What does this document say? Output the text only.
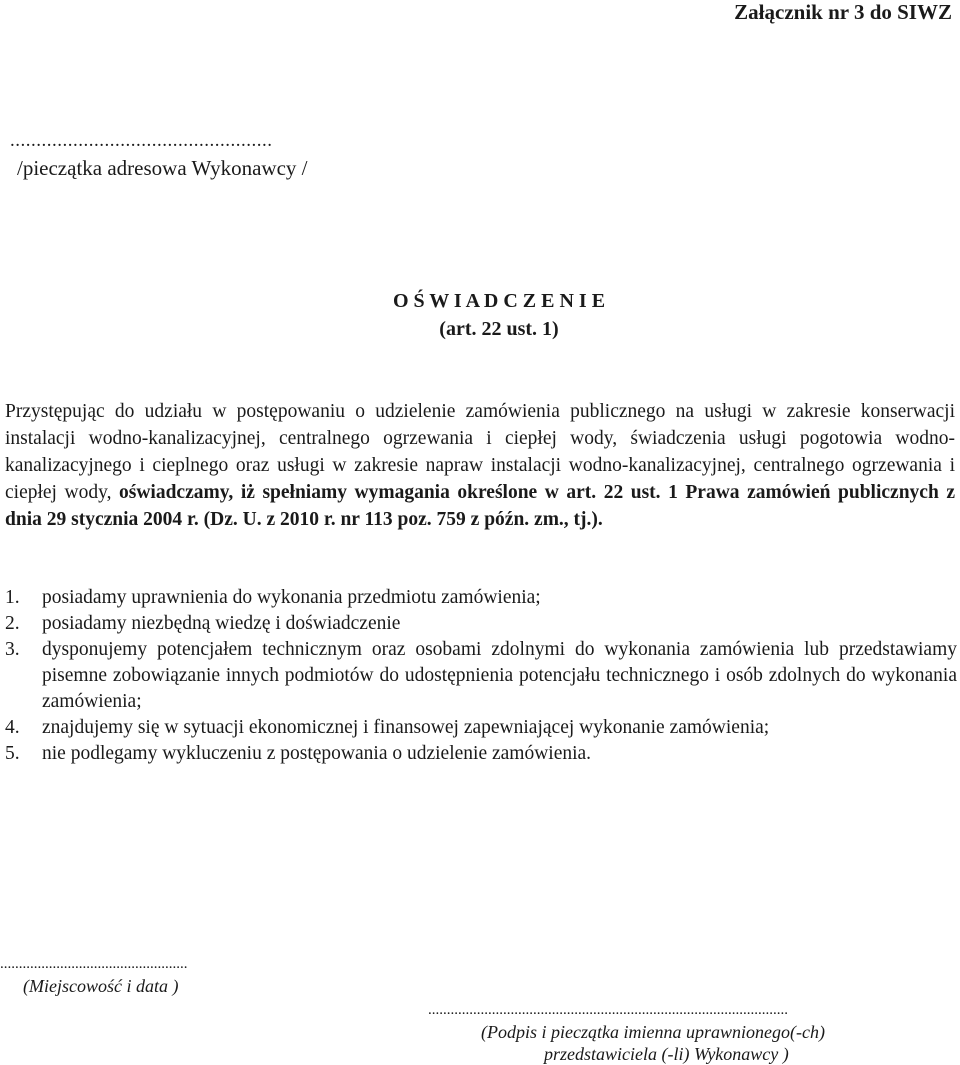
Załącznik nr 3 do SIWZ
..................................................
/pieczątka adresowa Wykonawcy /
O Ś W I A D C Z E N I E
(art. 22 ust. 1)
Przystępując do udziału w postępowaniu o udzielenie zamówienia publicznego na usługi w zakresie konserwacji instalacji wodno-kanalizacyjnej, centralnego ogrzewania i ciepłej wody, świadczenia usługi pogotowia wodno-kanalizacyjnego i cieplnego oraz usługi w zakresie napraw instalacji wodno-kanalizacyjnej, centralnego ogrzewania i ciepłej wody, oświadczamy, iż spełniamy wymagania określone w art. 22 ust. 1 Prawa zamówień publicznych z dnia 29 stycznia 2004 r. (Dz. U. z 2010 r. nr 113 poz. 759 z późn. zm., tj.).
1. posiadamy uprawnienia do wykonania przedmiotu zamówienia;
2. posiadamy niezbędną wiedzę i doświadczenie
3. dysponujemy potencjałem technicznym oraz osobami zdolnymi do wykonania zamówienia lub przedstawiamy pisemne zobowiązanie innych podmiotów do udostępnienia potencjału technicznego i osób zdolnych do wykonania zamówienia;
4. znajdujemy się w sytuacji ekonomicznej i finansowej zapewniającej wykonanie zamówienia;
5. nie podlegamy wykluczeniu z postępowania o udzielenie zamówienia.
..................................................
(Miejscowość i data )
................................................................................................
(Podpis i pieczątka imienna uprawnionego(-ch)
przedstawiciela (-li) Wykonawcy )
